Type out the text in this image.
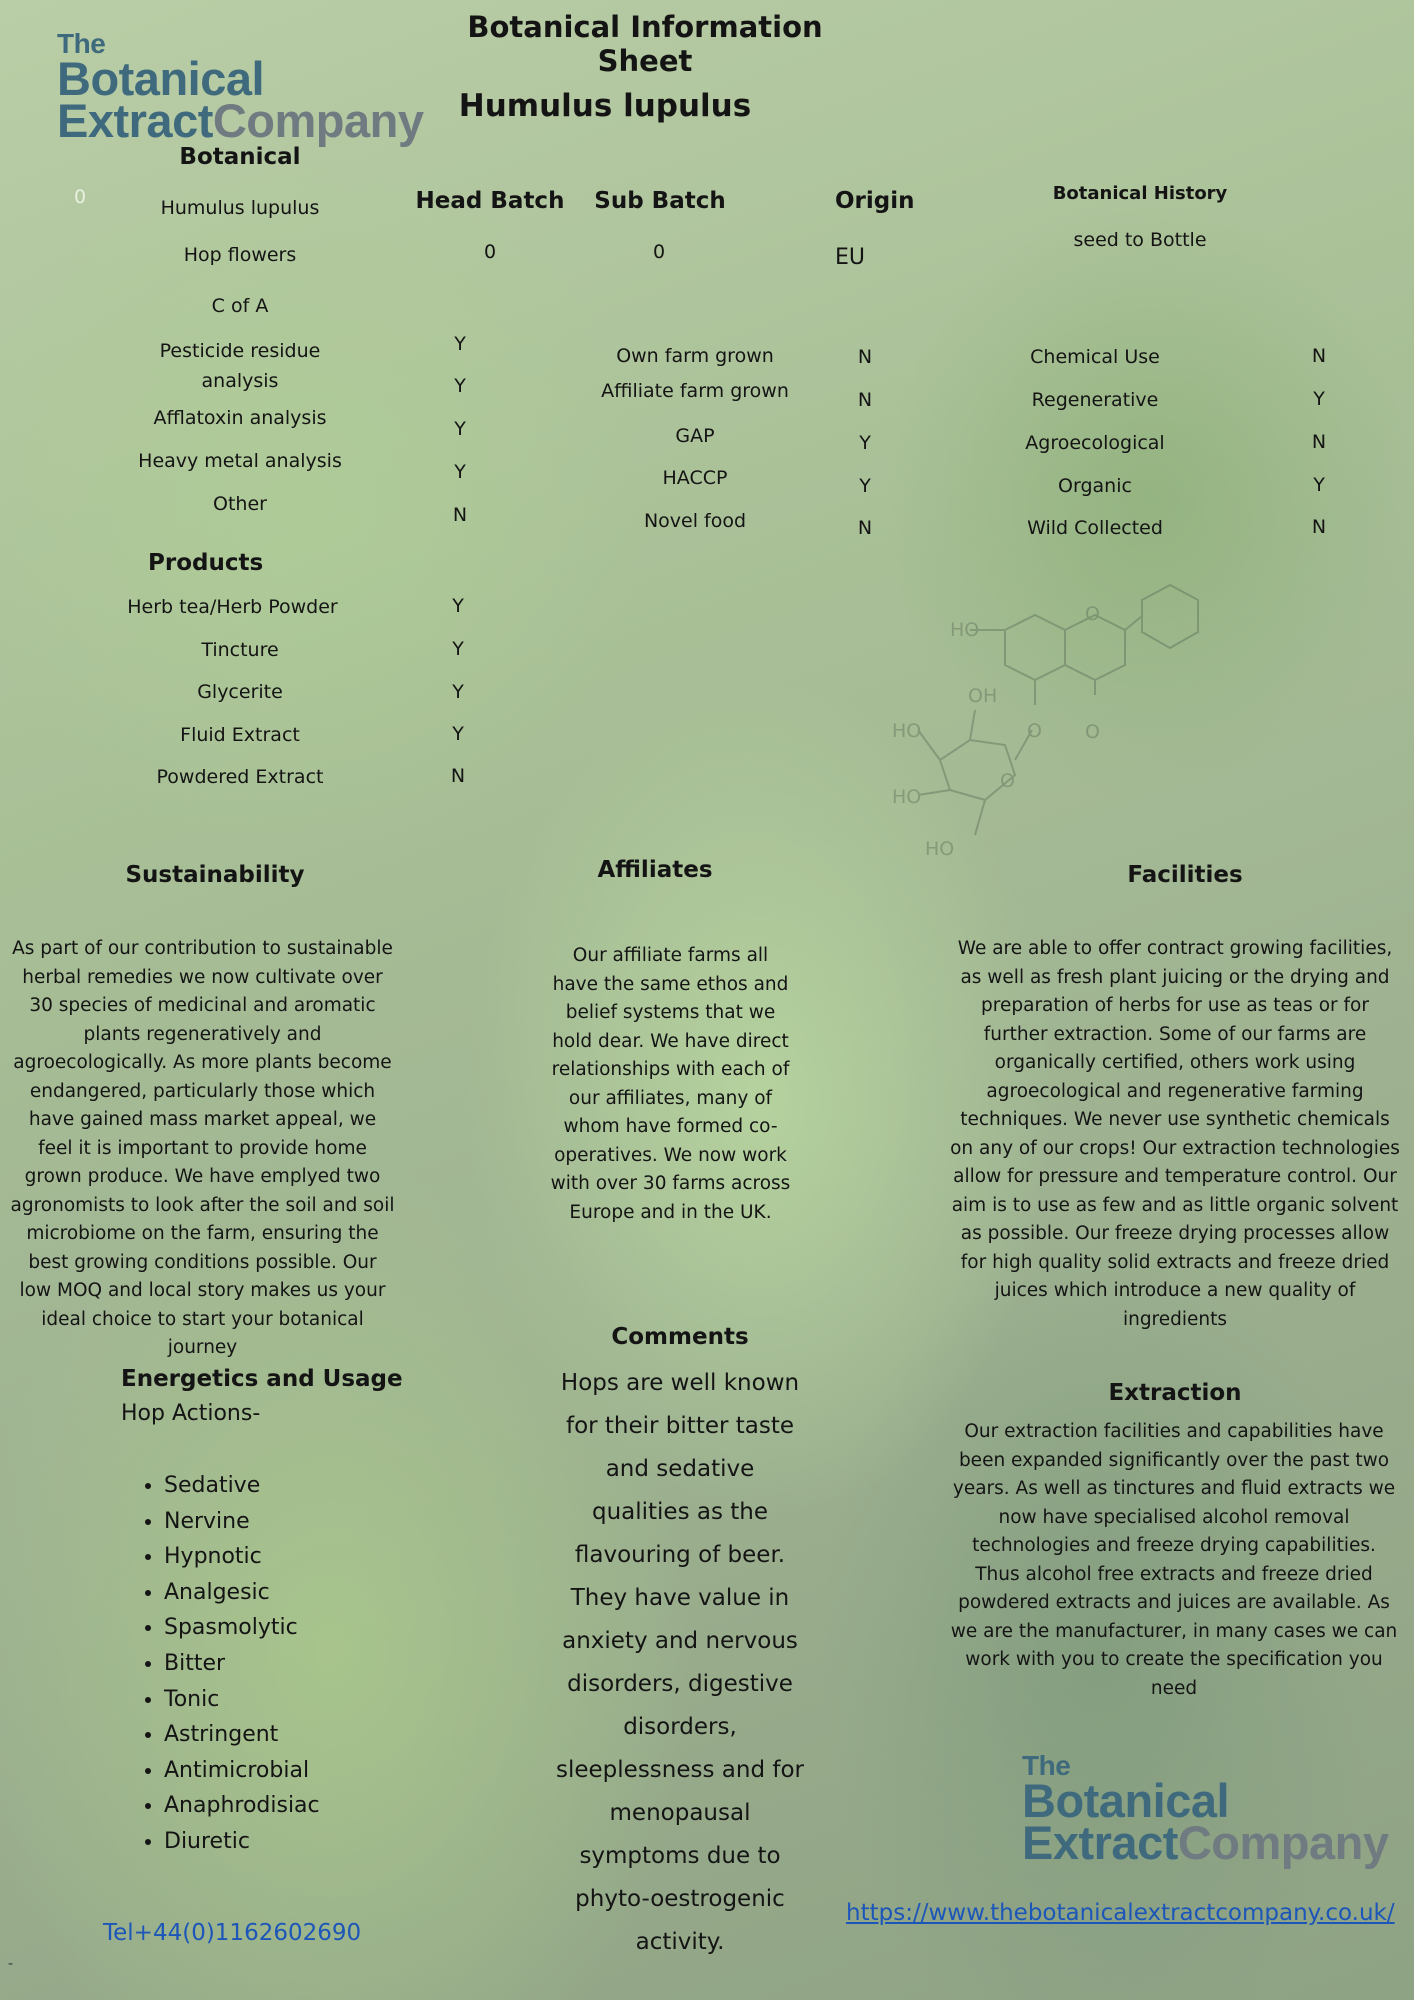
The
Botanical
ExtractCompany
0
Botanical Information Sheet
Humulus lupulus
Botanical
Humulus lupulus
Hop flowers
C of A
Pesticide residue analysis
Afflatoxin analysis
Heavy metal analysis
Other
Y
Y
Y
Y
N
Head Batch
0
Sub Batch
0
Origin
EU
Botanical History
seed to Bottle
Own farm grown
Affiliate farm grown
GAP
HACCP
Novel food
N
N
Y
Y
N
Chemical Use
Regenerative
Agroecological
Organic
Wild Collected
N
Y
N
Y
N
Products
Herb tea/Herb Powder
Tincture
Glycerite
Fluid Extract
Powdered Extract
Y
Y
Y
Y
N
HO
OH
HO
HO
HO
O O
O
O
Sustainability
As part of our contribution to sustainable herbal remedies we now cultivate over 30 species of medicinal and aromatic plants regeneratively and agroecologically. As more plants become endangered, particularly those which have gained mass market appeal, we feel it is important to provide home grown produce. We have emplyed two agronomists to look after the soil and soil microbiome on the farm, ensuring the best growing conditions possible. Our low MOQ and local story makes us your ideal choice to start your botanical journey
Affiliates
Our affiliate farms all have the same ethos and belief systems that we hold dear. We have direct relationships with each of our affiliates, many of whom have formed co-operatives. We now work with over 30 farms across Europe and in the UK.
Facilities
We are able to offer contract growing facilities, as well as fresh plant juicing or the drying and preparation of herbs for use as teas or for further extraction. Some of our farms are organically certified, others work using agroecological and regenerative farming techniques. We never use synthetic chemicals on any of our crops! Our extraction technologies allow for pressure and temperature control. Our aim is to use as few and as little organic solvent as possible. Our freeze drying processes allow for high quality solid extracts and freeze dried juices which introduce a new quality of ingredients
Energetics and Usage
Hop Actions-
• Sedative
• Nervine
• Hypnotic
• Analgesic
• Spasmolytic
• Bitter
• Tonic
• Astringent
• Antimicrobial
• Anaphrodisiac
• Diuretic
Comments
Hops are well known for their bitter taste and sedative qualities as the flavouring of beer. They have value in anxiety and nervous disorders, digestive disorders, sleeplessness and for menopausal symptoms due to phyto-oestrogenic activity.
Extraction
Our extraction facilities and capabilities have been expanded significantly over the past two years. As well as tinctures and fluid extracts we now have specialised alcohol removal technologies and freeze drying capabilities. Thus alcohol free extracts and freeze dried powdered extracts and juices are available. As we are the manufacturer, in many cases we can work with you to create the specification you need
The
Botanical
ExtractCompany
Tel+44(0)1162602690
https://www.thebotanicalextractcompany.co.uk/
-
